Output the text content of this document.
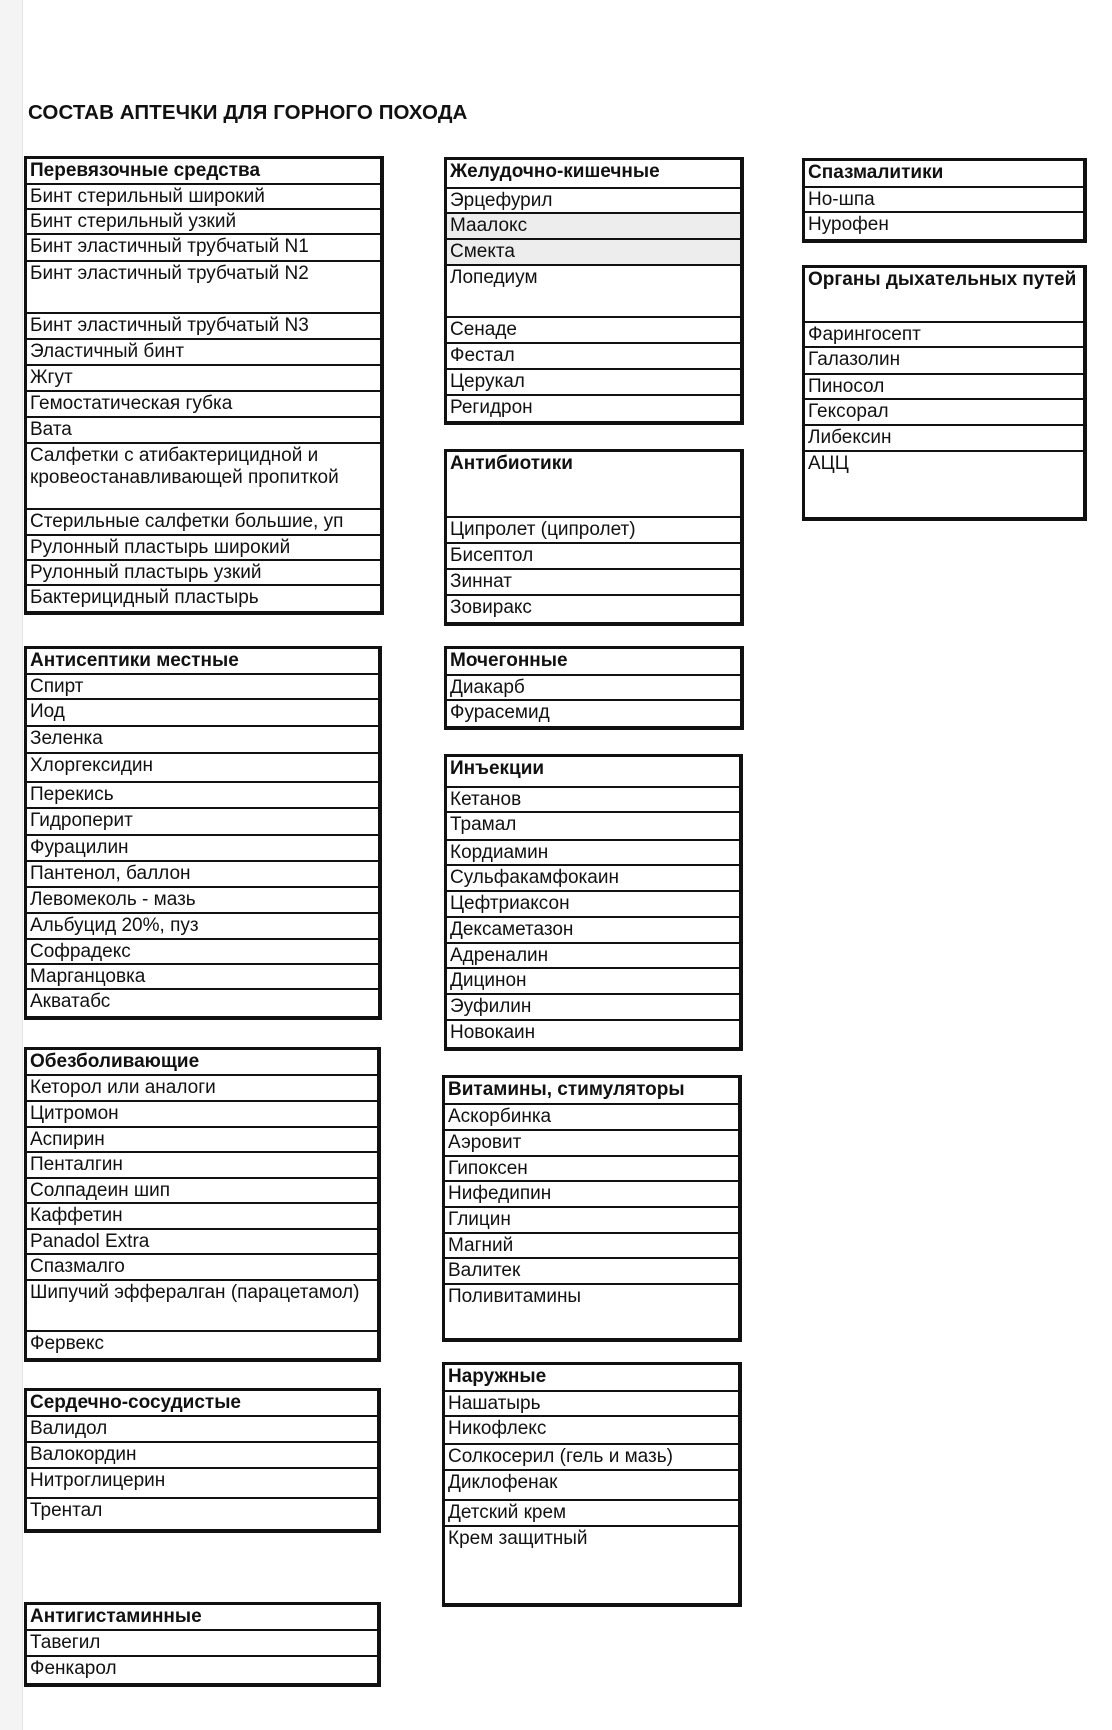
СОСТАВ АПТЕЧКИ ДЛЯ ГОРНОГО ПОХОДА
Перевязочные средства
Бинт стерильный широкий
Бинт стерильный узкий
Бинт эластичный трубчатый N1
Бинт эластичный трубчатый N2
Бинт эластичный трубчатый N3
Эластичный бинт
Жгут
Гемостатическая губка
Вата
Салфетки с атибактерицидной и кровеостанавливающей пропиткой
Стерильные салфетки большие, уп
Рулонный пластырь широкий
Рулонный пластырь узкий
Бактерицидный пластырь
Антисептики местные
Спирт
Иод
Зеленка
Хлоргексидин
Перекись
Гидроперит
Фурацилин
Пантенол, баллон
Левомеколь - мазь
Альбуцид 20%, пуз
Софрадекс
Марганцовка
Акватабс
Обезболивающие
Кеторол или аналоги
Цитромон
Аспирин
Пенталгин
Солпадеин шип
Каффетин
Panadol Extra
Спазмалго
Шипучий эффералган (парацетамол)
Фервекс
Сердечно-сосудистые
Валидол
Валокордин
Нитроглицерин
Трентал
Антигистаминные
Тавегил
Фенкарол
Желудочно-кишечные
Эрцефурил
Маалокс
Смекта
Лопедиум
Сенаде
Фестал
Церукал
Регидрон
Антибиотики
Ципролет (ципролет)
Бисептол
Зиннат
Зовиракс
Мочегонные
Диакарб
Фурасемид
Инъекции
Кетанов
Трамал
Кордиамин
Сульфакамфокаин
Цефтриаксон
Дексаметазон
Адреналин
Дицинон
Эуфилин
Новокаин
Витамины, стимуляторы
Аскорбинка
Аэровит
Гипоксен
Нифедипин
Глицин
Магний
Валитек
Поливитамины
Наружные
Нашатырь
Никофлекс
Солкосерил (гель и мазь)
Диклофенак
Детский крем
Крем защитный
Спазмалитики
Но-шпа
Нурофен
Органы дыхательных путей
Фарингосепт
Галазолин
Пиносол
Гексорал
Либексин
АЦЦ
